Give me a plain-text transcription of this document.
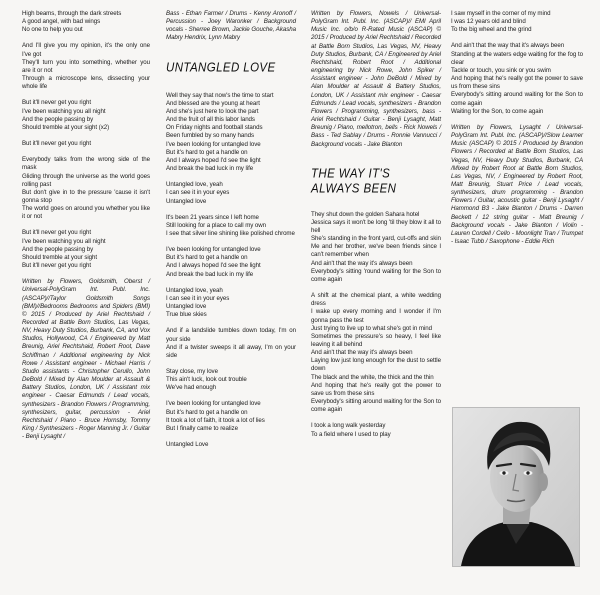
High beams, through the dark streets
A good angel, with bad wings
No one to help you out

And I'll give you my opinion, it's the only one I've got
They'll turn you into something, whether you are it or not
Through a microscope lens, dissecting your whole life

But it'll never get you right
I've been watching you all night
And the people passing by
Should tremble at your sight (x2)

But it'll never get you right

Everybody talks from the wrong side of the mask
Gliding through the universe as the world goes rolling past
But don't give in to the pressure 'cause it isn't gonna stop
The world goes on around you whether you like it or not

But it'll never get you right
I've been watching you all night
And the people passing by
Should tremble at your sight
But it'll never get you right

Written by Flowers, Goldsmith, Oberst / Universal-PolyGram Int. Publ. Inc. (ASCAP)//Taylor Goldsmith Songs (BMI)//Bedrooms Bedrooms and Spiders (BMI) © 2015 / Produced by Ariel Rechtshaid / Recorded at Battle Born Studios, Las Vegas, NV, Heavy Duty Studios, Burbank, CA, and Vox Studios, Hollywood, CA / Engineered by Matt Breunig, Ariel Rechtshaid, Robert Root, Dave Schiffman / Additional engineering by Nick Rowe / Assistant engineer - Michael Harris / Studio assistants - Christopher Cerullo, John DeBold / Mixed by Alan Moulder at Assault & Battery Studios, London, UK / Assistant mix engineer - Caesar Edmunds / Lead vocals, synthesizers - Brandon Flowers / Programming, synthesizers, guitar, percussion - Ariel Rechtshaid / Piano - Bruce Hornsby, Tommy King / Synthesizers - Roger Manning Jr. / Guitar - Benji Lysaght /

Bass - Ethan Farmer / Drums - Kenny Aronoff / Percussion - Joey Waronker / Background vocals - Sherree Brown, Jackie Gouche, Akasha Mabry Hendrix, Lynn Mabry

UNTANGLED LOVE

Well they say that now's the time to start
And blessed are the young at heart
And she's just here to look the part
And the fruit of all this labor lands
On Friday nights and football stands
Been fumbled by so many hands
I've been looking for untangled love
But it's hard to get a handle on
And I always hoped I'd see the light
And break the bad luck in my life

Untangled love, yeah
I can see it in your eyes
Untangled love

It's been 21 years since I left home
Still looking for a place to call my own
I see that silver line shining like polished chrome

I've been looking for untangled love
But it's hard to get a handle on
And I always hoped I'd see the light
And break the bad luck in my life

Untangled love, yeah
I can see it in your eyes
Untangled love
True blue skies

And if a landslide tumbles down today, I'm on your side
And if a twister sweeps it all away, I'm on your side

Stay close, my love
This ain't luck, look out trouble
We've had enough

I've been looking for untangled love
But it's hard to get a handle on
It took a lot of faith, it took a lot of lies
But I finally came to realize

Untangled Love

Written by Flowers, Nowels / Universal-PolyGram Int. Publ. Inc. (ASCAP)// EMI April Music Inc. o/b/o R-Rated Music (ASCAP) © 2015 / Produced by Ariel Rechtshaid / Recorded at Battle Born Studios, Las Vegas, NV, Heavy Duty Studios, Burbank, CA / Engineered by Ariel Rechtshaid, Robert Root / Additional engineering by Nick Rowe, John Spiker / Assistant engineer - John DeBold / Mixed by Alan Moulder at Assault & Battery Studios, London, UK / Assistant mix engineer - Caesar Edmunds / Lead vocals, synthesizers - Brandon Flowers / Programming, synthesizers, bass - Ariel Rechtshaid / Guitar - Benji Lysaght, Matt Breunig / Piano, mellotron, bells - Rick Nowels / Bass - Ted Sablay / Drums - Ronnie Vannucci / Background vocals - Jake Blanton

THE WAY IT'S ALWAYS BEEN

They shut down the golden Sahara hotel
Jessica says it won't be long 'til they blow it all to hell
She's standing in the front yard, cut-offs and skin
Me and her brother, we've been friends since I can't remember when
And ain't that the way it's always been
Everybody's sitting 'round waiting for the Son to come again

A shift at the chemical plant, a white wedding dress
I wake up every morning and I wonder if I'm gonna pass the test
Just trying to live up to what she's got in mind
Sometimes the pressure's so heavy, I feel like leaving it all behind
And ain't that the way it's always been
Laying low just long enough for the dust to settle down
The black and the white, the thick and the thin
And hoping that he's really got the power to save us from these sins
Everybody's sitting around waiting for the Son to come again

I took a long walk yesterday
To a field where I used to play

I saw myself in the corner of my mind
I was 12 years old and blind
To the big wheel and the grind

And ain't that the way that it's always been
Standing at the waters edge waiting for the fog to clear
Tackle or touch, you sink or you swim
And hoping that he's really got the power to save us from these sins
Everybody's sitting around waiting for the Son to come again
Waiting for the Son, to come again

Written by Flowers, Lysaght / Universal-PolyGram Int. Publ. Inc. (ASCAP)//Slow Learner Music (ASCAP) © 2015 / Produced by Brandon Flowers / Recorded at Battle Born Studios, Las Vegas, NV, Heavy Duty Studios, Burbank, CA /Mixed by Robert Root at Battle Born Studios, Las Vegas, NV, / Engineered by Robert Root, Matt Breunig, Stuart Price / Lead vocals, synthesizers, drum programming - Brandon Flowers / Guitar, acoustic guitar - Benji Lysaght / Hammond B3 - Jake Blanton / Drums - Darren Beckett / 12 string guitar - Matt Breunig / Background vocals - Jake Blanton / Violin - Lauren Cordell / Cello - Moonlight Tran / Trumpet - Isaac Tubb / Saxophone - Eddie Rich
